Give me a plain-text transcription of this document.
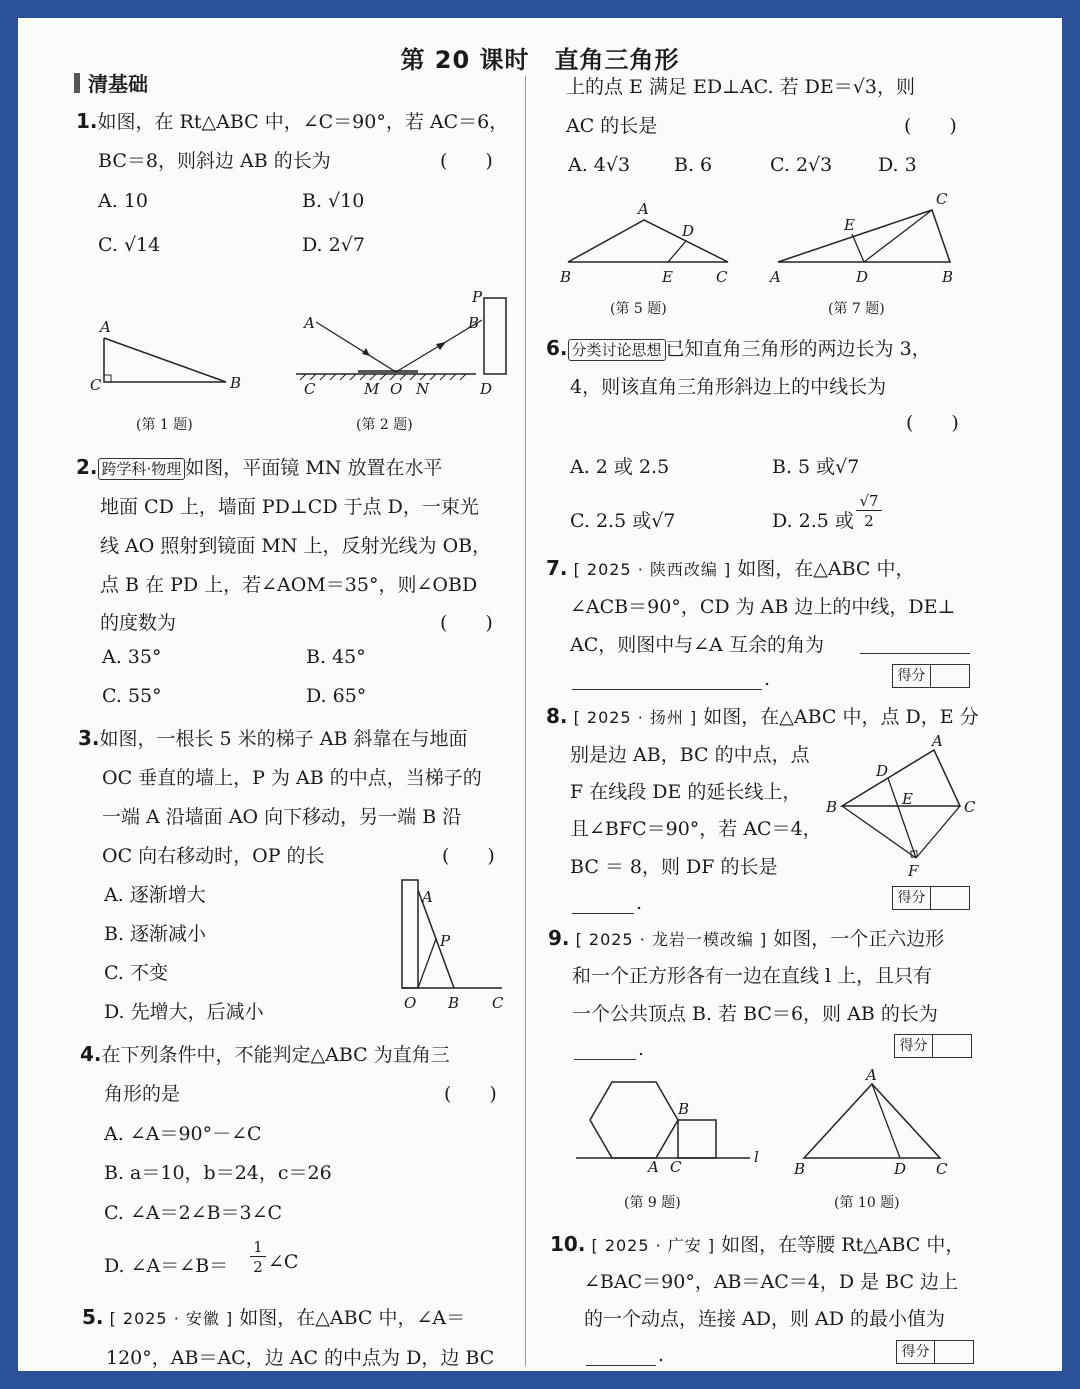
第 20 课时　直角三角形
清基础
1.如图，在 Rt△ABC 中，∠C＝90°，若 AC＝6，
BC＝8，则斜边 AB 的长为	(　　)
A. 10	B. √10
C. √14	D. 2√7
A
B
C
(第 1 题)
A
P
B
C	M O N	D
(第 2 题)
2. 跨学科·物理 如图，平面镜 MN 放置在水平
地面 CD 上，墙面 PD⊥CD 于点 D，一束光
线 AO 照射到镜面 MN 上，反射光线为 OB，
点 B 在 PD 上，若∠AOM＝35°，则∠OBD
的度数为	(　　)
A. 35°	B. 45°
C. 55°	D. 65°
3.如图，一根长 5 米的梯子 AB 斜靠在与地面
OC 垂直的墙上，P 为 AB 的中点，当梯子的
一端 A 沿墙面 AO 向下移动，另一端 B 沿
OC 向右移动时，OP 的长	(　　)
A. 逐渐增大
B. 逐渐减小
C. 不变
D. 先增大，后减小
A
P
O B C
4.在下列条件中，不能判定△ABC 为直角三
角形的是	(　　)
A. ∠A＝90°－∠C
B. a＝10，b＝24，c＝26
C. ∠A＝2∠B＝3∠C
D. ∠A＝∠B＝
1
2 ∠C
5. [ 2025 · 安徽 ] 如图，在△ABC 中，∠A＝
120°，AB＝AC，边 AC 的中点为 D，边 BC
上的点 E 满足 ED⊥AC. 若 DE＝√3，则
AC 的长是	(　　)
A. 4√3 B. 6	C. 2√3 D. 3
A
D
B	E	C
(第 5 题)
C
E
A	D	B
(第 7 题)
6. 分类讨论思想 已知直角三角形的两边长为 3，
4，则该直角三角形斜边上的中线长为
(　　)
A. 2 或 2.5	B. 5 或√7
C. 2.5 或√7	D. 2.5 或
√7
2
7. [ 2025 · 陕西改编 ] 如图，在△ABC 中，
∠ACB＝90°，CD 为 AB 边上的中线，DE⊥
AC，则图中与∠A 互余的角为
.	得分
8. [ 2025 · 扬州 ] 如图，在△ABC 中，点 D，E 分
别是边 AB，BC 的中点，点
F 在线段 DE 的延长线上，
且∠BFC＝90°，若 AC＝4，
BC ＝ 8，则 DF 的长是
.	得分
A
D
B	E	C
F
9. [ 2025 · 龙岩一模改编 ] 如图，一个正六边形
和一个正方形各有一边在直线 l 上，且只有
一个公共顶点 B. 若 BC＝6，则 AB 的长为
.	得分
B
A C
l
(第 9 题)
A
B	D C
(第 10 题)
10. [ 2025 · 广安 ] 如图，在等腰 Rt△ABC 中，
∠BAC＝90°，AB＝AC＝4，D 是 BC 边上
的一个动点，连接 AD，则 AD 的最小值为
.	得分
